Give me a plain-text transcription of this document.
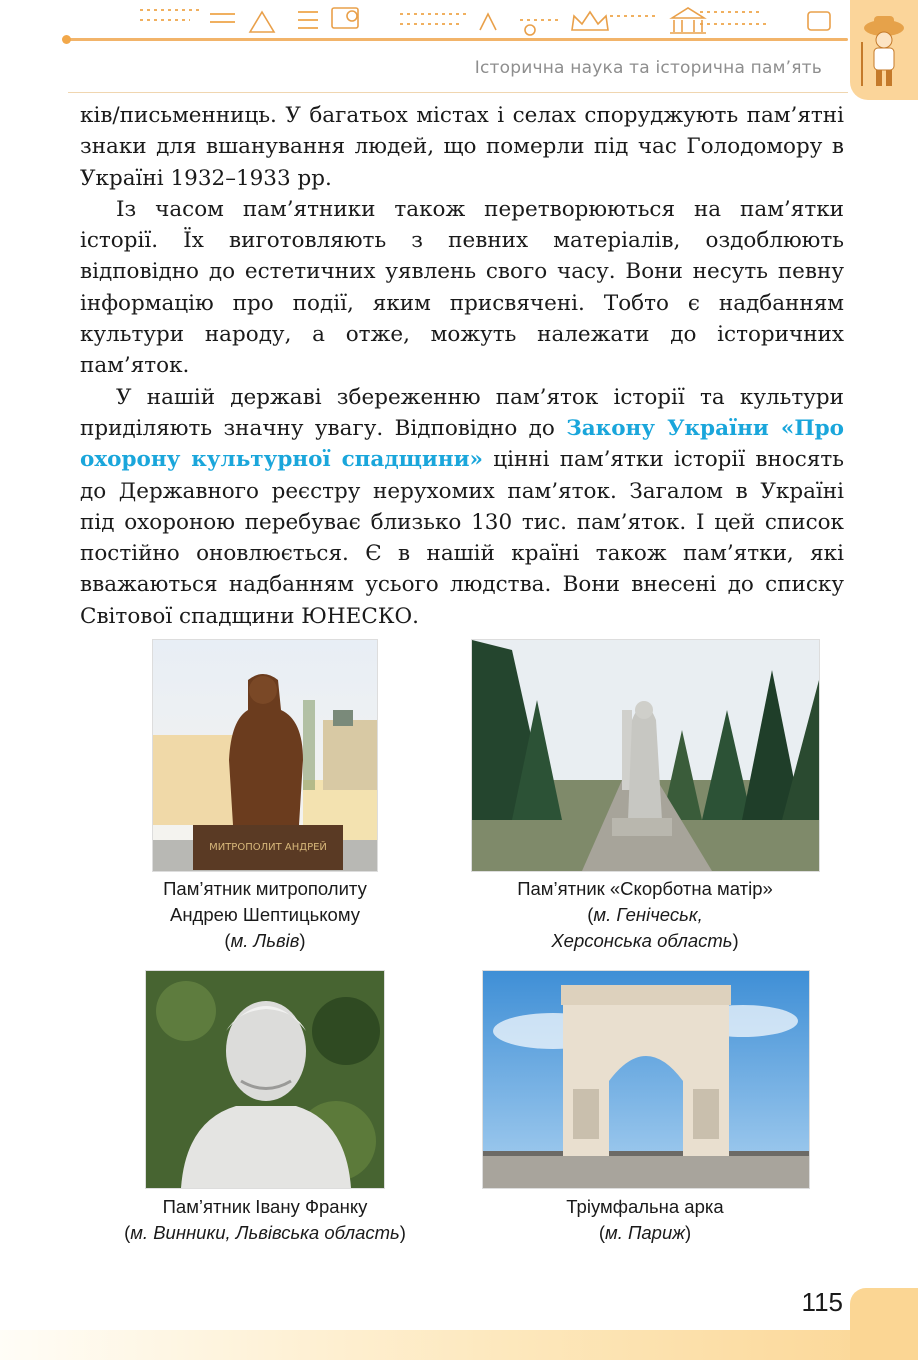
Історична наука та історична пам’ять

ків/письменниць. У багатьох містах і селах споруджують пам’ятні знаки для вшанування людей, що померли під час Голодомору в Україні 1932–1933 рр.

Із часом пам’ятники також перетворюються на пам’ятки історії. Їх виготовляють з певних матеріалів, оздоблюють відповідно до естетичних уявлень свого часу. Вони несуть певну інформацію про події, яким присвячені. Тобто є надбанням культури народу, а отже, можуть належати до історичних пам’яток.

У нашій державі збереженню пам’яток історії та культури приділяють значну увагу. Відповідно до Закону України «Про охорону культурної спадщини» цінні пам’ятки історії вносять до Державного реєстру нерухомих пам’яток. Загалом в Україні під охороною перебуває близько 130 тис. пам’яток. І цей список постійно оновлюється. Є в нашій країні також пам’ятки, які вважаються надбанням усього людства. Вони внесені до списку Світової спадщини ЮНЕСКО.

МИТРОПОЛИТ АНДРЕЙ
Пам’ятник митрополиту
Андрею Шептицькому
(м. Львів)
Пам’ятник «Скорботна матір»
(м. Генічеськ,
Херсонська область)
Пам’ятник Івану Франку
(м. Винники, Львівська область)
Тріумфальна арка
(м. Париж)
115
